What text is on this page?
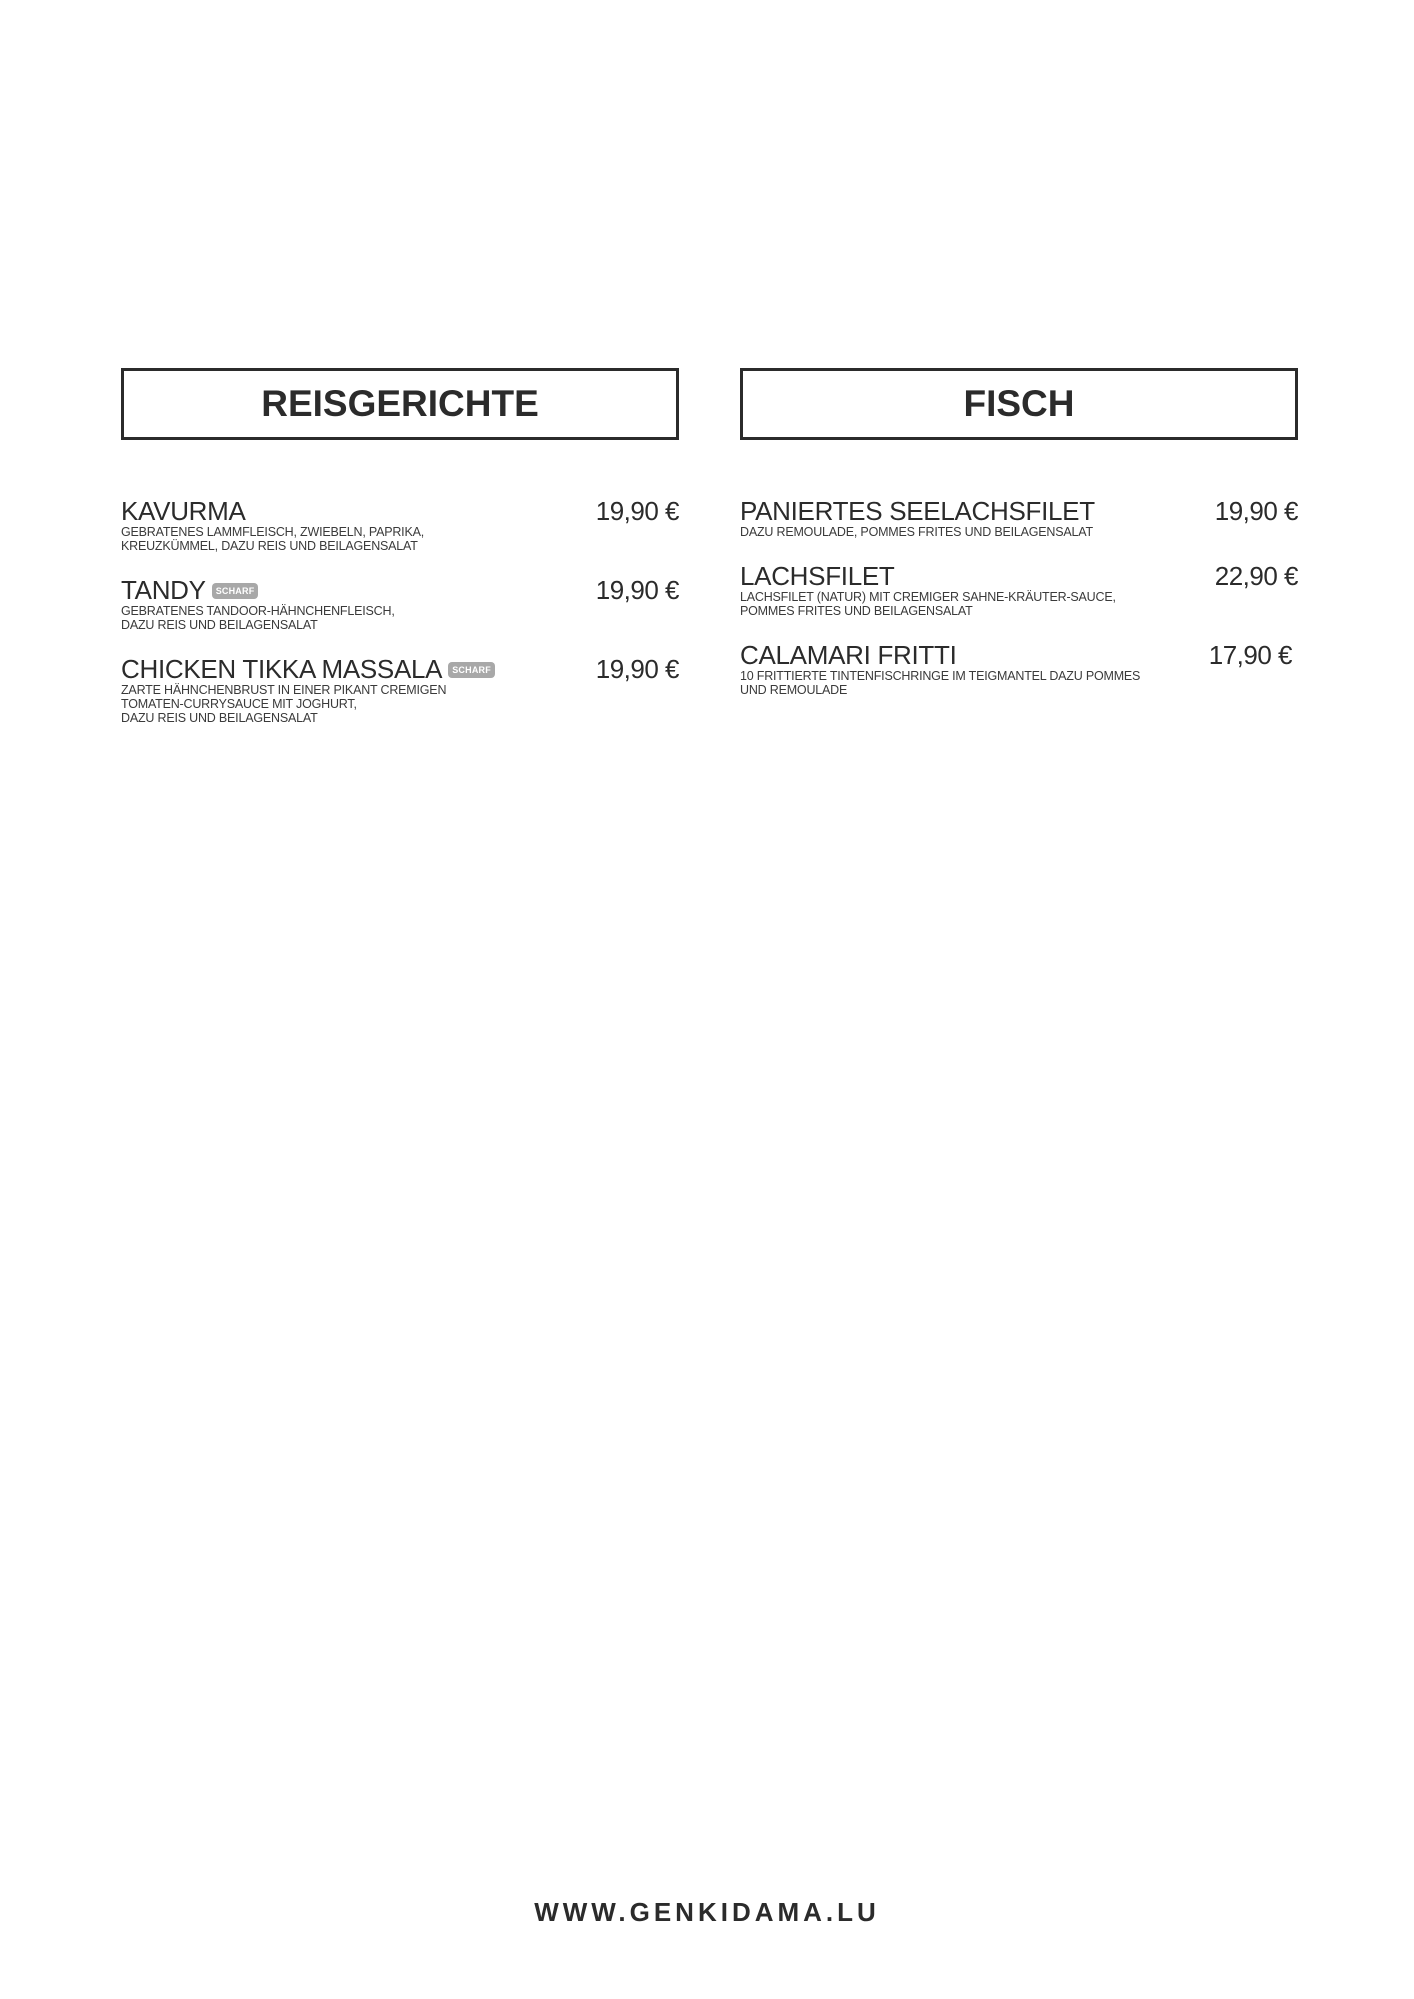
REISGERICHTE
KAVURMA
GEBRATENES LAMMFLEISCH, ZWIEBELN, PAPRIKA,
KREUZKÜMMEL, DAZU REIS UND BEILAGENSALAT
19,90 €
TANDY	SCHARF
GEBRATENES TANDOOR-HÄHNCHENFLEISCH,
DAZU REIS UND BEILAGENSALAT
19,90 €
CHICKEN TIKKA MASSALA	SCHARF
ZARTE HÄHNCHENBRUST IN EINER PIKANT CREMIGEN
TOMATEN-CURRYSAUCE MIT JOGHURT,
DAZU REIS UND BEILAGENSALAT
19,90 €
FISCH
PANIERTES SEELACHSFILET
DAZU REMOULADE, POMMES FRITES UND BEILAGENSALAT
19,90 €
LACHSFILET
LACHSFILET (NATUR) MIT CREMIGER SAHNE-KRÄUTER-SAUCE,
POMMES FRITES UND BEILAGENSALAT
22,90 €
CALAMARI FRITTI
10 FRITTIERTE TINTENFISCHRINGE IM TEIGMANTEL DAZU POMMES
UND REMOULADE
17,90 €
WWW.GENKIDAMA.LU
